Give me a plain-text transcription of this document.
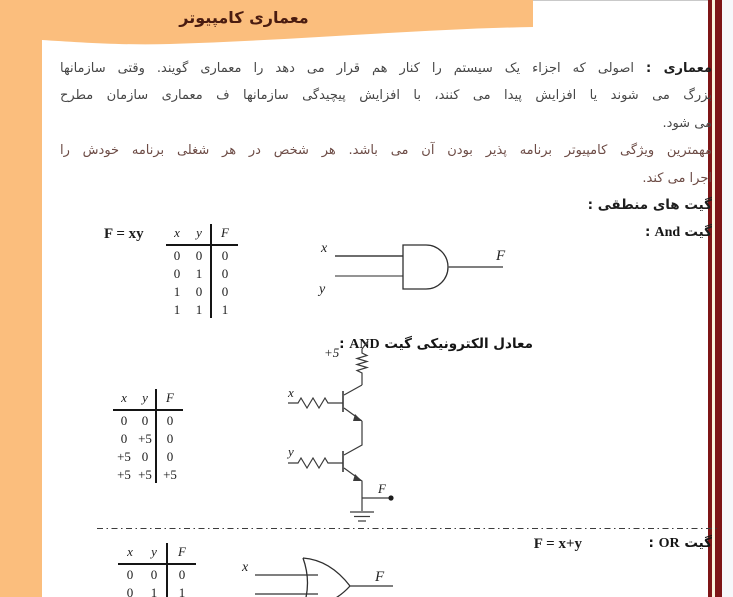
معماری کامپیوتر
معماری : اصولی که اجزاء یک سیستم را کنار هم قرار می دهد را معماری گویند. وقتی سازمانها
بزرگ می شوند یا افزایش پیدا می کنند، با افزایش پیچیدگی سازمانها ف معماری سازمان مطرح
می شود.
مهمترین ویژگی کامپیوتر برنامه پذیر بودن آن می باشد. هر شخص در هر شغلی برنامه خودش را
اجرا می کند.
گیت های منطقی :
گیت And :
F = xy	x	y	F
0	0	0
0	1	0
1	0	0
1	1	1
x
y
F
معادل الکترونیکی گیت AND :
x	y	F
0	0	0
0 +5	0
+5 0	0
+5 +5 +5
+5
x
y
F
گیت OR :
F = x+y
x	y	F
0	0	0
0	1	1
x
F
